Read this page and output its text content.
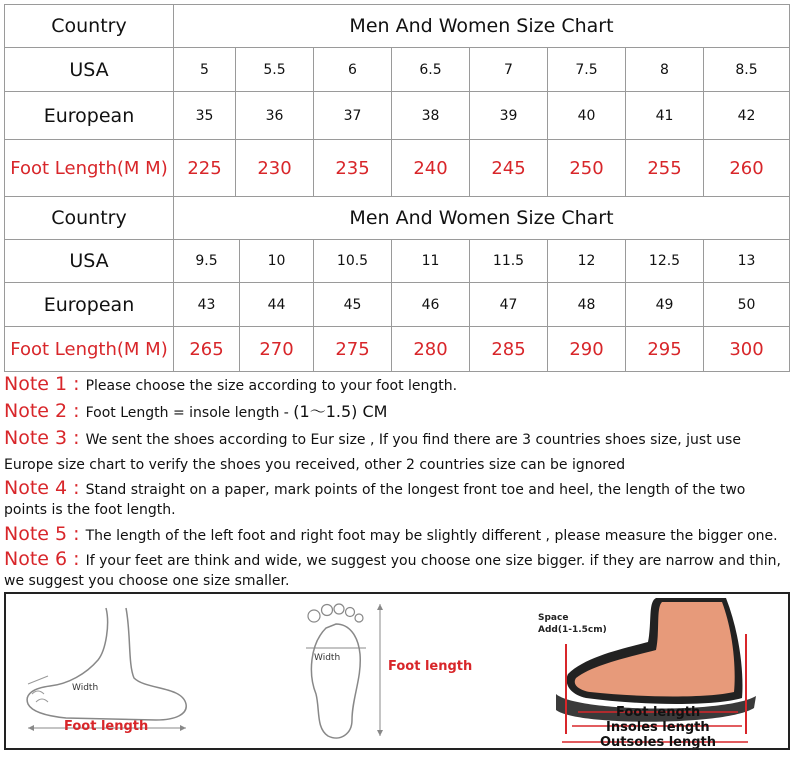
Country	Men And Women Size Chart							
USA	5	5.5	6	6.5	7	7.5	8	8.5
European	35	36	37	38	39	40	41	42
Foot Length(M M)	225	230	235	240	245	250	255	260
Country	Men And Women Size Chart							
USA	9.5	10	10.5	11	11.5	12	12.5	13
European	43	44	45	46	47	48	49	50
Foot Length(M M)	265	270	275	280	285	290	295	300

Note 1 : Please choose the size according to your foot length.

Note 2 : Foot Length = insole length - (1～1.5) CM

Note 3 : We sent the shoes according to Eur size , If you find there are 3 countries shoes size, just use Europe size chart to verify the shoes you received, other 2 countries size can be ignored

Note 4 : Stand straight on a paper, mark points of the longest front toe and heel, the length of the two points is the foot length.

Note 5 : The length of the left foot and right foot may be slightly different , please measure the bigger one.

Note 6 : If your feet are think and wide, we suggest you choose one size bigger. if they are narrow and thin, we suggest you choose one size smaller.

Width
Foot length
Width
Foot length
Space
Add(1-1.5cm)
Foot length
Insoles length
Outsoles length
